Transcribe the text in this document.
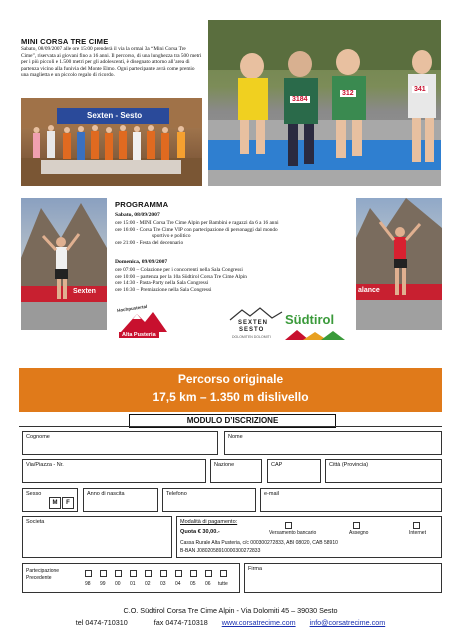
MINI CORSA TRE CIME
Sabato, 08/09/2007 alle ore 15:00 prenderà il via la ormai 3a “Mini Corsa Tre Cime”, riservata ai giovani fino a 16 anni. Il percorso, di una lunghezza tra 500 metri per i più piccoli e 1.500 metri per gli adolescenti, è disegnato attorno all’area di partenza vicino alla funivia del Monte Elmo. Ogni partecipante avrà come premio una maglietta e un piccolo regalo di ricordo.
Sexten - Sesto
3184
312
341
Sexten	alance
PROGRAMMA
Sabato, 08/09/2007
ore 15:00 - MINI Corsa Tre Cime Alpin per Bambini e ragazzi da 6 a 16 anni
ore 16:00 - Corsa Tre Cime VIP con partecipazione di personaggi dal mondo
sportivo e politico
ore 21:00 - Festa del decennario
Domenica, 09/09/2007
ore 07:00 – Colazione per i concorrenti nella Sala Congressi
ore 10:00 – partenza per la 10a Südtirol Corsa Tre Cime Alpin
ore 14:30 - Pasta-Party nella Sala Congressi
ore 16:30 – Premiazione nella Sala Congressi
Hochpustertal
Alta Pusteria
SEXTEN
SESTO
DOLOMITEN DOLOMITI
Südtirol
Percorso originale
17,5 km – 1.350 m dislivello
MODULO D’ISCRIZIONE
Cognome	Nome
Via/Piazza - Nr.	Nazione	CAP	Città (Provincia)
Sesso
M	F
Anno di nascita	Telefono	e-mail
Societa	Modalità di pagamento:
Quota € 30,00.-	Versamento bancario	Assegno	Internet
Cassa Rurale Alta Pusteria, c/c 000300272833, ABI 08020, CAB 58910
B-BAN J0802058910000300272833
Partecipazione
Precedente
98 99 00 01 02 03 04 05 06 tutte
Firma
C.O. Südtirol Corsa Tre Cime Alpin - Via Dolomiti 45 – 39030 Sesto
tel 0474-710310	fax 0474-710318 www.corsatrecime.com info@corsatrecime.com
